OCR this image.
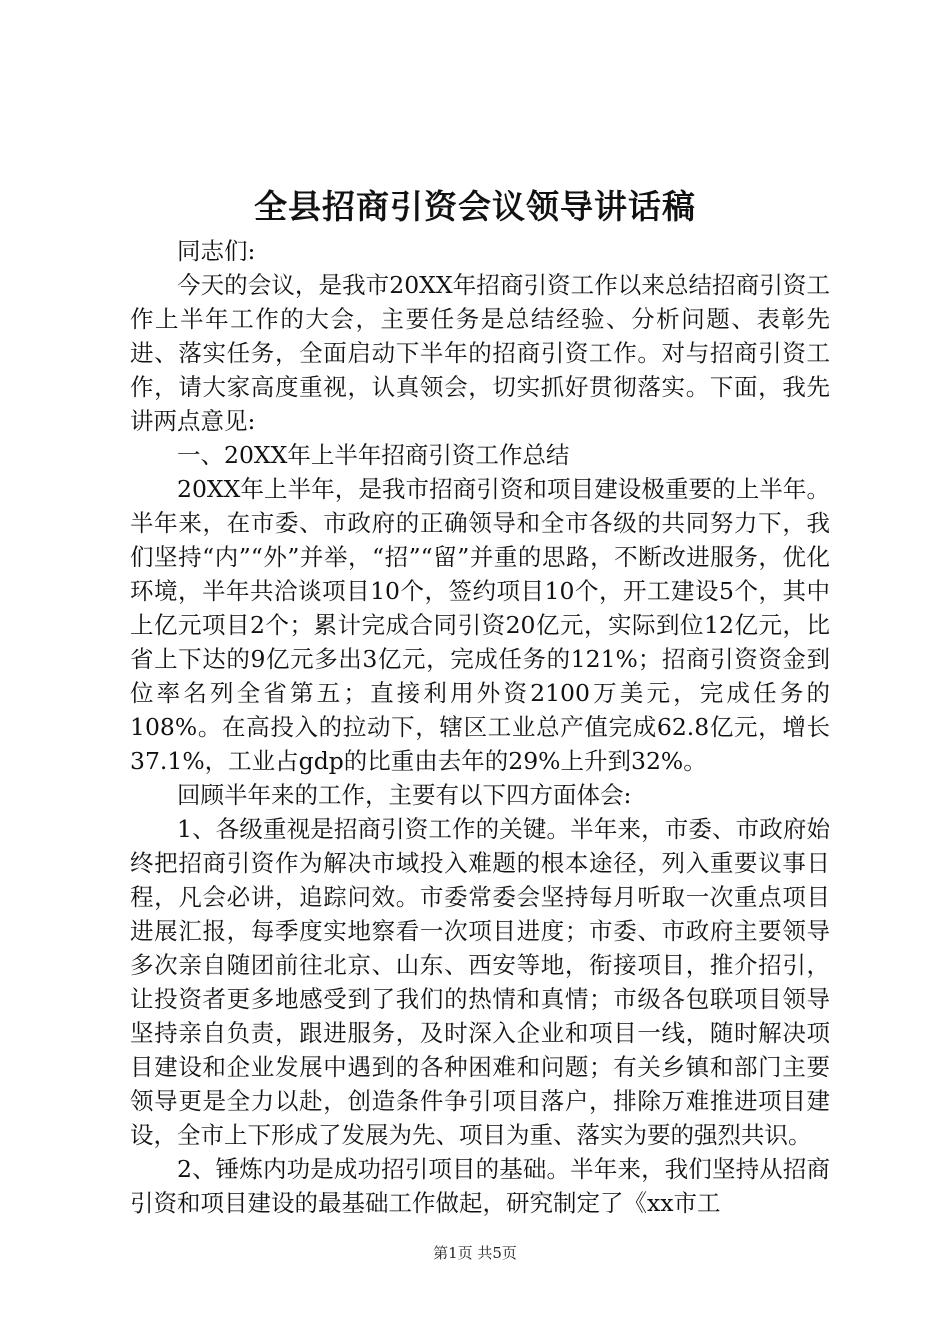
全县招商引资会议领导讲话稿

同志们:

今天的会议，是我市20XX年招商引资工作以来总结招商引资工作上半年工作的大会，主要任务是总结经验、分析问题、表彰先进、落实任务，全面启动下半年的招商引资工作。对与招商引资工作，请大家高度重视，认真领会，切实抓好贯彻落实。下面，我先讲两点意见:

一、20XX年上半年招商引资工作总结

20XX年上半年，是我市招商引资和项目建设极重要的上半年。半年来，在市委、市政府的正确领导和全市各级的共同努力下，我们坚持“内”“外”并举，“招”“留”并重的思路，不断改进服务，优化环境，半年共洽谈项目10个，签约项目10个，开工建设5个，其中上亿元项目2个；累计完成合同引资20亿元，实际到位12亿元，比省上下达的9亿元多出3亿元，完成任务的121%；招商引资资金到位率名列全省第五；直接利用外资2100万美元，完成任务的108%。在高投入的拉动下，辖区工业总产值完成62.8亿元，增长37.1%，工业占gdp的比重由去年的29%上升到32%。

回顾半年来的工作，主要有以下四方面体会:

1、各级重视是招商引资工作的关键。半年来，市委、市政府始终把招商引资作为解决市域投入难题的根本途径，列入重要议事日程，凡会必讲，追踪问效。市委常委会坚持每月听取一次重点项目进展汇报，每季度实地察看一次项目进度；市委、市政府主要领导多次亲自随团前往北京、山东、西安等地，衔接项目，推介招引，让投资者更多地感受到了我们的热情和真情；市级各包联项目领导坚持亲自负责，跟进服务，及时深入企业和项目一线，随时解决项目建设和企业发展中遇到的各种困难和问题；有关乡镇和部门主要领导更是全力以赴，创造条件争引项目落户，排除万难推进项目建设，全市上下形成了发展为先、项目为重、落实为要的强烈共识。

2、锤炼内功是成功招引项目的基础。半年来，我们坚持从招商引资和项目建设的最基础工作做起，研究制定了《xx市工

第1页 共5页
